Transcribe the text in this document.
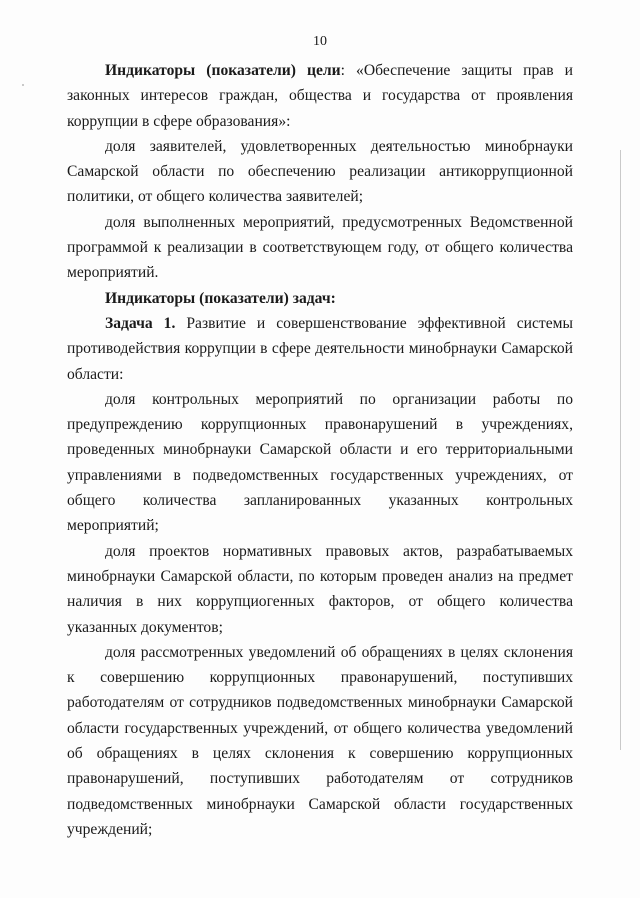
10

Индикаторы (показатели) цели: «Обеспечение защиты прав и законных интересов граждан, общества и государства от проявления коррупции в сфере образования»:

доля заявителей, удовлетворенных деятельностью минобрнауки Самарской области по обеспечению реализации антикоррупционной политики, от общего количества заявителей;

доля выполненных мероприятий, предусмотренных Ведомственной программой к реализации в соответствующем году, от общего количества мероприятий.

Индикаторы (показатели) задач:

Задача 1. Развитие и совершенствование эффективной системы противодействия коррупции в сфере деятельности минобрнауки Самарской области:

доля контрольных мероприятий по организации работы по предупреждению коррупционных правонарушений в учреждениях, проведенных минобрнауки Самарской области и его территориальными управлениями в подведомственных государственных учреждениях, от общего количества запланированных указанных контрольных мероприятий;

доля проектов нормативных правовых актов, разрабатываемых минобрнауки Самарской области, по которым проведен анализ на предмет наличия в них коррупциогенных факторов, от общего количества указанных документов;

доля рассмотренных уведомлений об обращениях в целях склонения к совершению коррупционных правонарушений, поступивших работодателям от сотрудников подведомственных минобрнауки Самарской области государственных учреждений, от общего количества уведомлений об обращениях в целях склонения к совершению коррупционных правонарушений, поступивших работодателям от сотрудников подведомственных минобрнауки Самарской области государственных учреждений;
